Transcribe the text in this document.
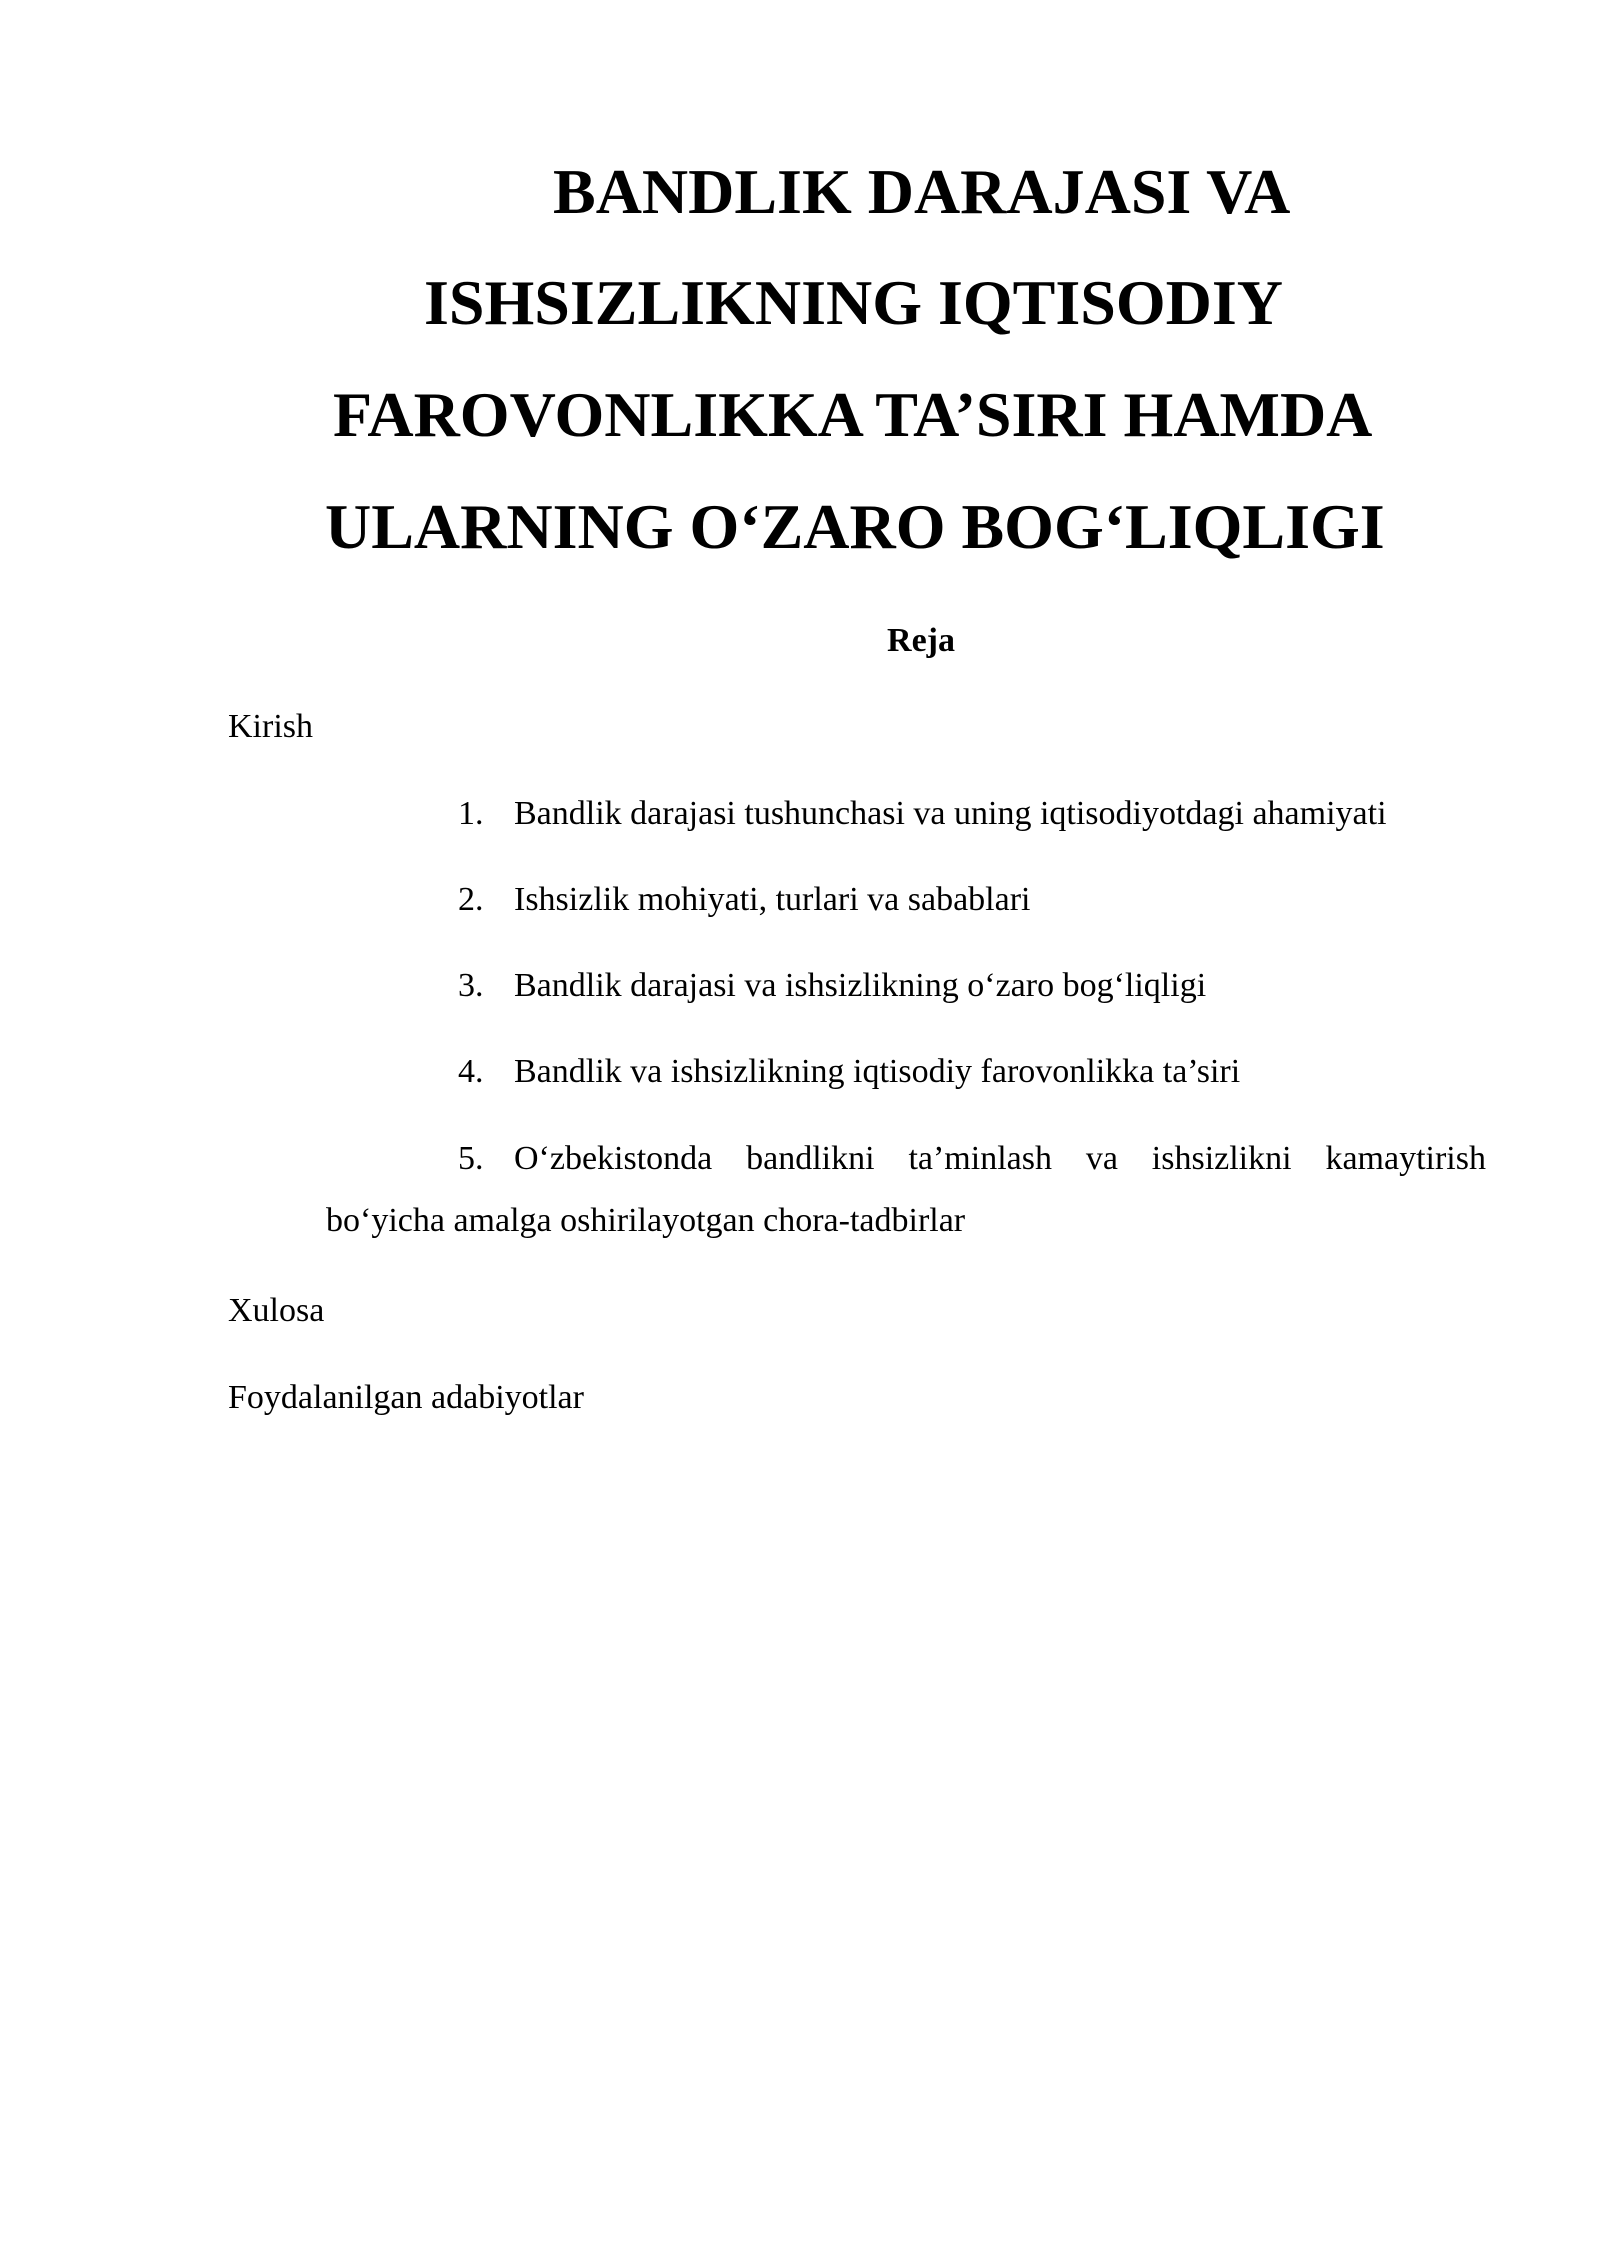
BANDLIK DARAJASI VA
ISHSIZLIKNING IQTISODIY
FAROVONLIKKA TA’SIRI HAMDA
ULARNING O‘ZARO BOG‘LIQLIGI
Reja
Kirish
1. Bandlik darajasi tushunchasi va uning iqtisodiyotdagi ahamiyati
2. Ishsizlik mohiyati, turlari va sabablari
3. Bandlik darajasi va ishsizlikning o‘zaro bog‘liqligi
4. Bandlik va ishsizlikning iqtisodiy farovonlikka ta’siri
5. O‘zbekistonda bandlikni ta’minlash va ishsizlikni kamaytirish
bo‘yicha amalga oshirilayotgan chora-tadbirlar
Xulosa
Foydalanilgan adabiyotlar
